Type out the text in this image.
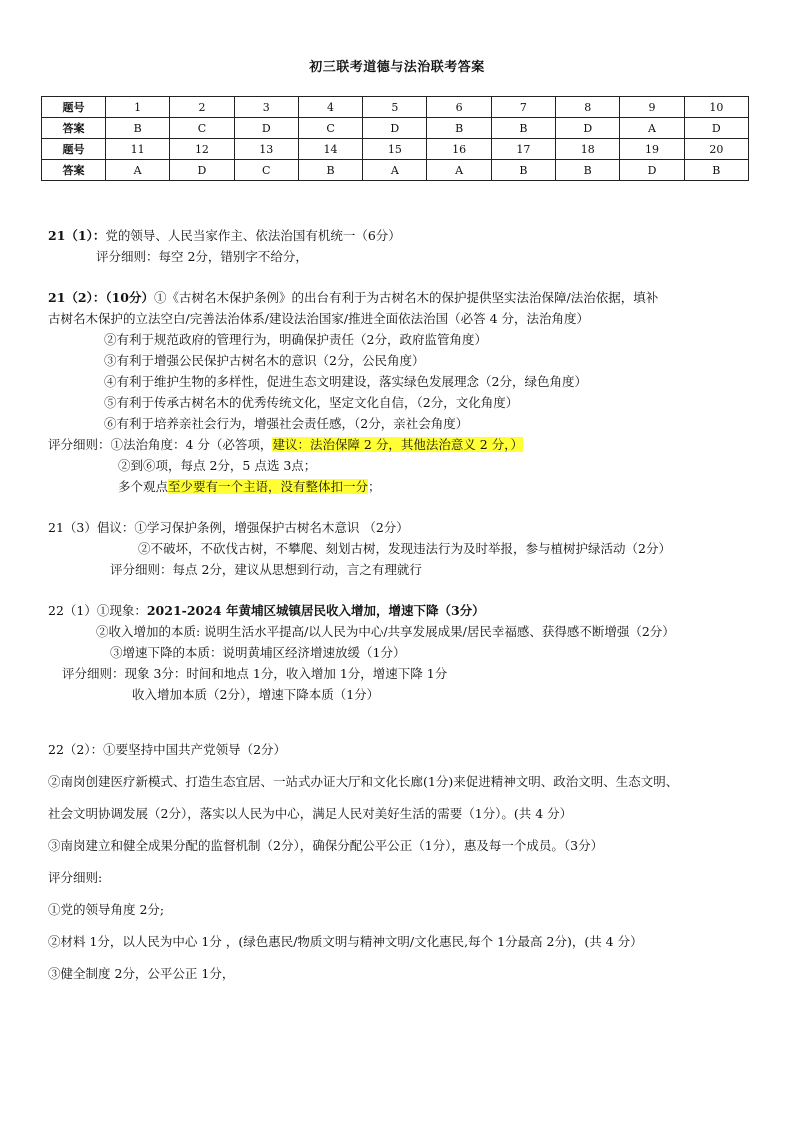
初三联考道德与法治联考答案
题号	1	2	3	4	5	6	7	8	9	10
答案	B	C	D	C	D	B	B	D	A	D
题号	11	12	13	14	15	16	17	18	19	20
答案	A	D	C	B	A	A	B	B	D	B
21（1）：党的领导、人民当家作主、依法治国有机统一（6分）
评分细则：每空 2分，错别字不给分，
21（2）：（10分）①《古树名木保护条例》的出台有利于为古树名木的保护提供坚实法治保障/法治依据，填补
古树名木保护的立法空白/完善法治体系/建设法治国家/推进全面依法治国（必答 4 分，法治角度）
②有利于规范政府的管理行为，明确保护责任（2分，政府监管角度）
③有利于增强公民保护古树名木的意识（2分，公民角度）
④有利于维护生物的多样性，促进生态文明建设，落实绿色发展理念（2分，绿色角度）
⑤有利于传承古树名木的优秀传统文化，坚定文化自信，（2分，文化角度）
⑥有利于培养亲社会行为，增强社会责任感，（2分，亲社会角度）
评分细则：①法治角度：4 分（必答项，建议：法治保障 2 分，其他法治意义 2 分，）
②到⑥项，每点 2分，5 点选 3点；
多个观点至少要有一个主语，没有整体扣一分；
21（3）倡议：①学习保护条例，增强保护古树名木意识 （2分）
②不破坏，不砍伐古树，不攀爬、刻划古树，发现违法行为及时举报，参与植树护绿活动（2分）
评分细则：每点 2分，建议从思想到行动，言之有理就行
22（1）①现象：2021-2024 年黄埔区城镇居民收入增加，增速下降（3分）
②收入增加的本质: 说明生活水平提高/以人民为中心/共享发展成果/居民幸福感、获得感不断增强（2分）
③增速下降的本质：说明黄埔区经济增速放缓（1分）
评分细则：现象 3分：时间和地点 1分，收入增加 1分，增速下降 1分
收入增加本质（2分），增速下降本质（1分）
22（2）：①要坚持中国共产党领导（2分）
②南岗创建医疗新模式、打造生态宜居、一站式办证大厅和文化长廊(1分)来促进精神文明、政治文明、生态文明、
社会文明协调发展（2分），落实以人民为中心，满足人民对美好生活的需要（1分）。(共 4 分）
③南岗建立和健全成果分配的监督机制（2分），确保分配公平公正（1分），惠及每一个成员。（3分）
评分细则:
①党的领导角度 2分;
②材料 1分，以人民为中心 1分 ，(绿色惠民/物质文明与精神文明/文化惠民,每个 1分最高 2分)，(共 4 分）
③健全制度 2分，公平公正 1分，
